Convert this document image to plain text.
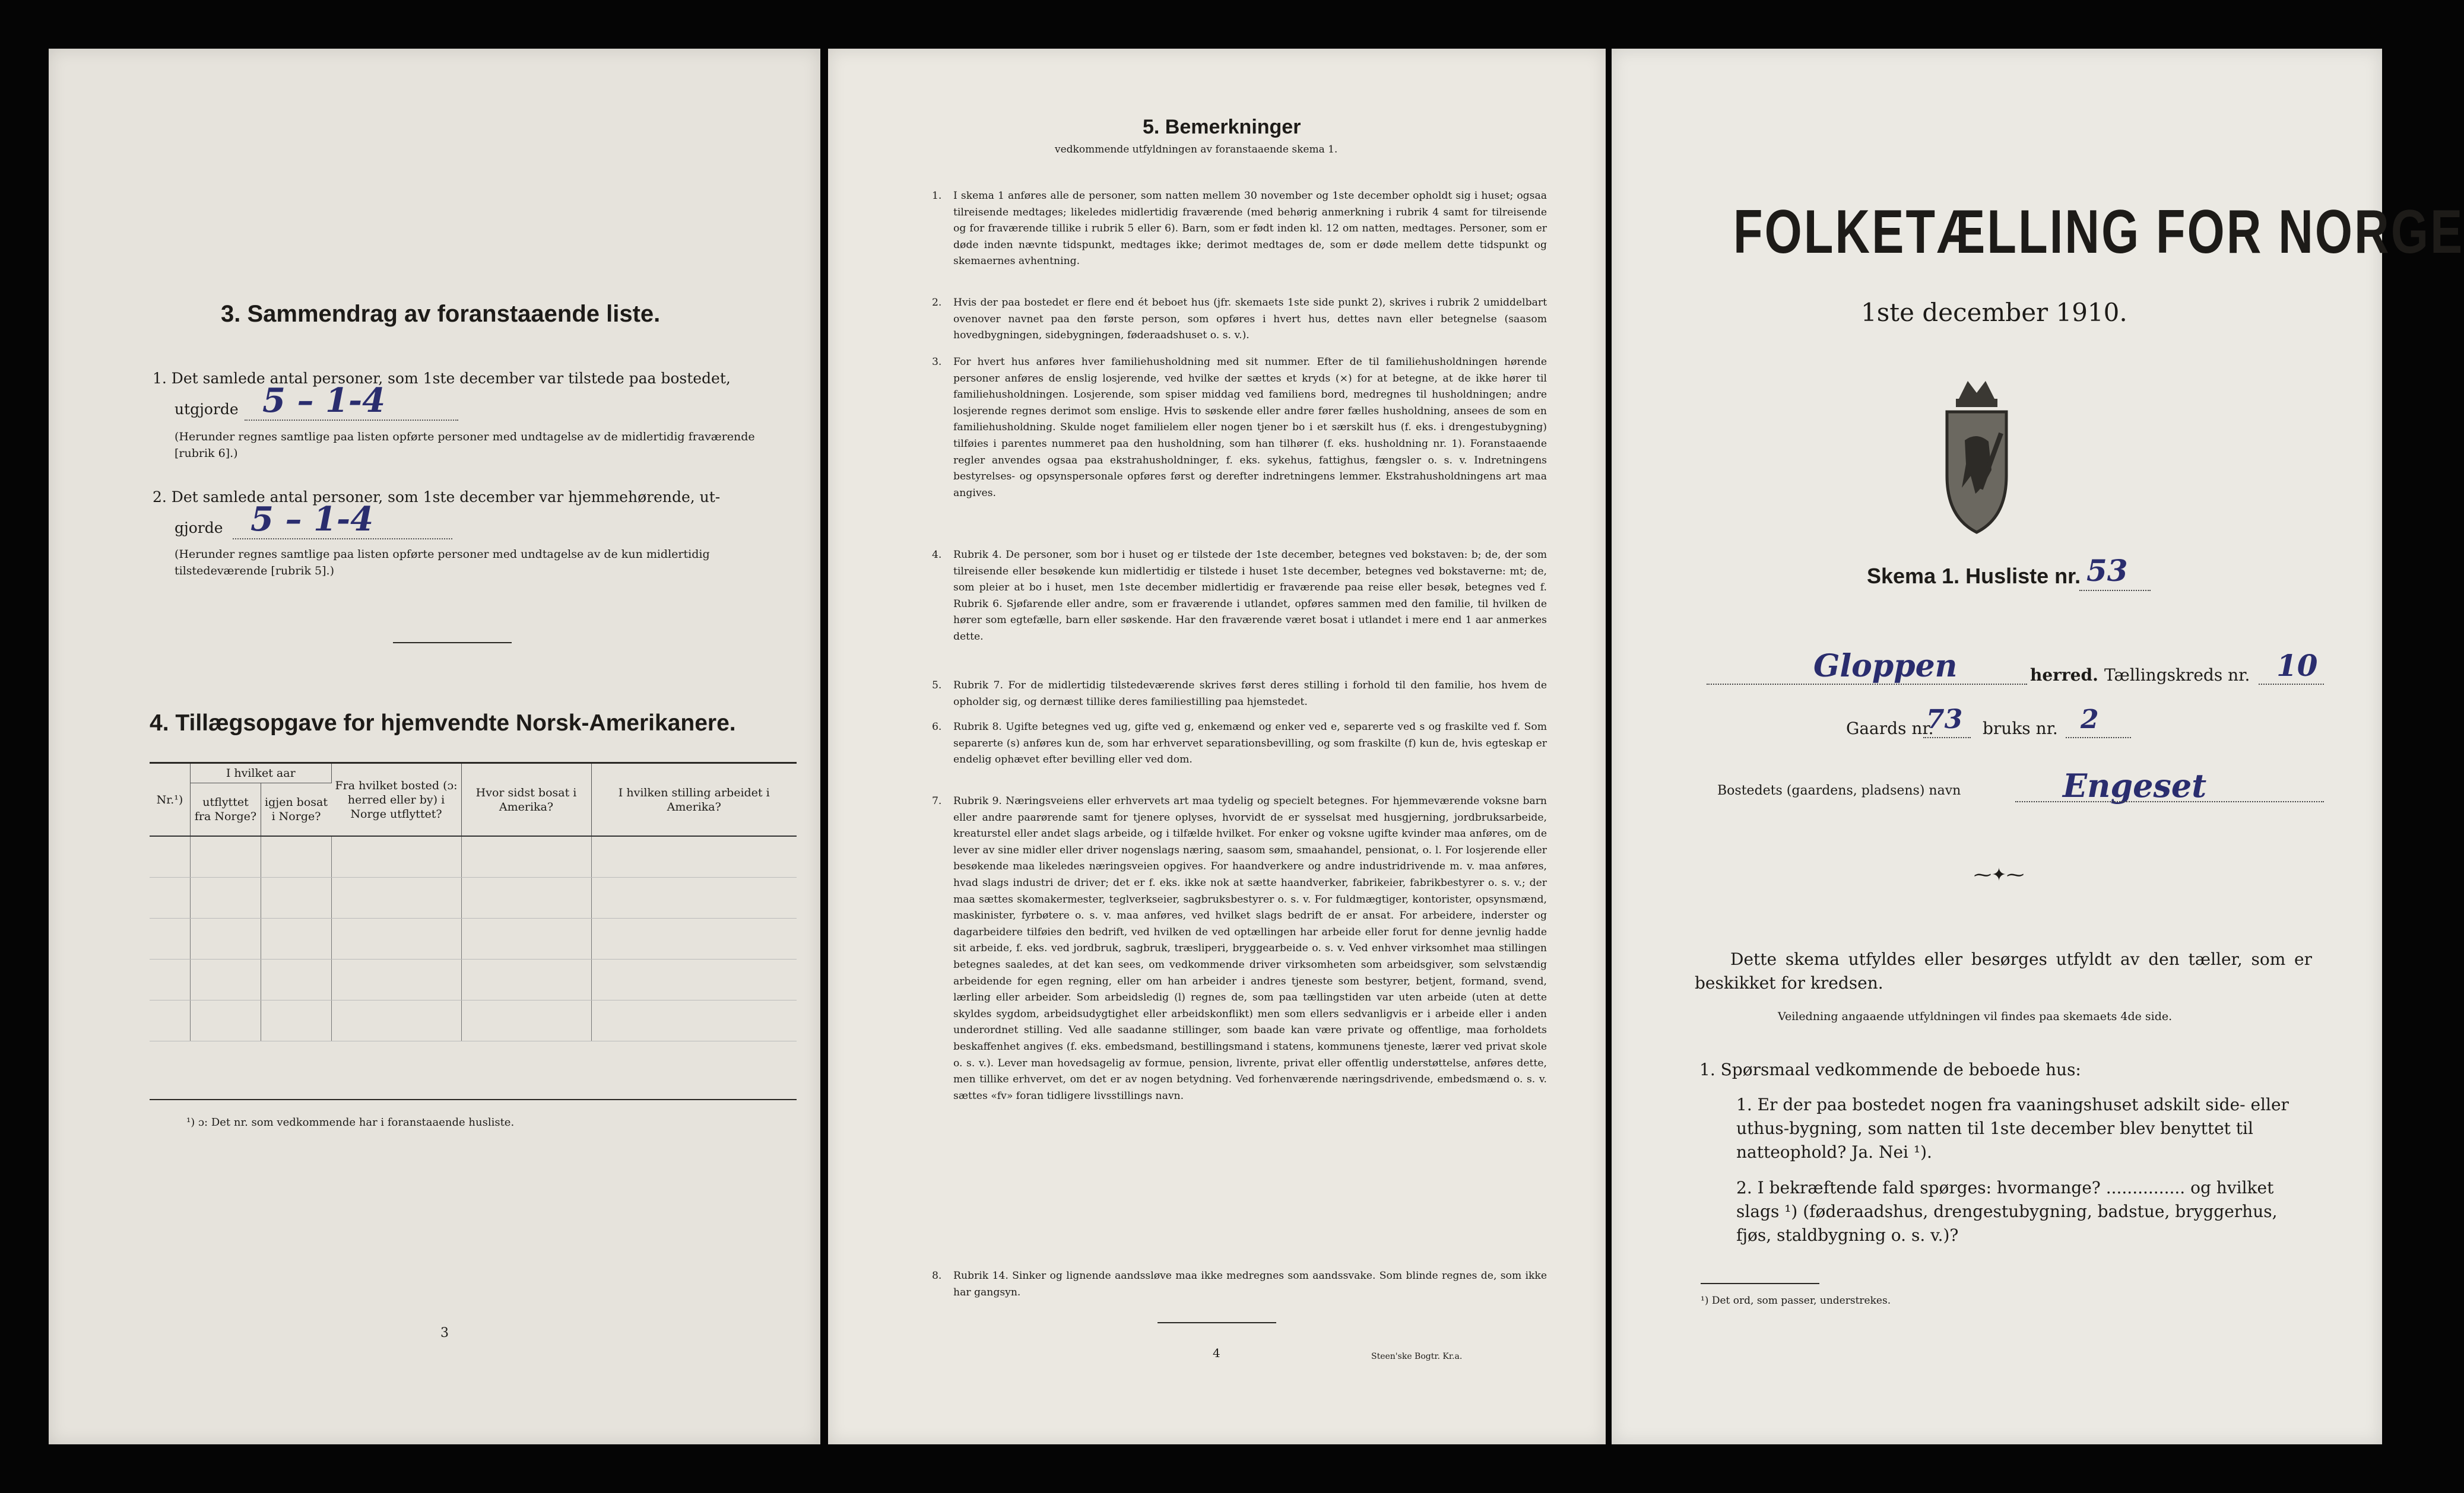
3. Sammendrag av foranstaaende liste.
1. Det samlede antal personer, som 1ste december var tilstede paa bostedet,
utgjorde 5 – 1-4
(Herunder regnes samtlige paa listen opførte personer med undtagelse av de midlertidig fraværende [rubrik 6].)
2. Det samlede antal personer, som 1ste december var hjemmehørende, ut-
gjorde 5 – 1-4
(Herunder regnes samtlige paa listen opførte personer med undtagelse av de kun midlertidig tilstedeværende [rubrik 5].)
4. Tillægsopgave for hjemvendte Norsk-Amerikanere.
Nr.¹)	I hvilket aar		Fra hvilket bosted (ɔ: herred eller by) i Norge utflyttet?	Hvor sidst bosat i Amerika?	I hvilken stilling arbeidet i Amerika?
	utflyttet fra Norge?	igjen bosat i Norge?			

¹) ɔ: Det nr. som vedkommende har i foranstaaende husliste.
3
5. Bemerkninger
vedkommende utfyldningen av foranstaaende skema 1.
1. I skema 1 anføres alle de personer, som natten mellem 30 november og 1ste december opholdt sig i huset; ogsaa tilreisende medtages; likeledes midlertidig fraværende (med behørig anmerkning i rubrik 4 samt for tilreisende og for fraværende tillike i rubrik 5 eller 6). Barn, som er født inden kl. 12 om natten, medtages. Personer, som er døde inden nævnte tidspunkt, medtages ikke; derimot medtages de, som er døde mellem dette tidspunkt og skemaernes avhentning.
2. Hvis der paa bostedet er flere end ét beboet hus (jfr. skemaets 1ste side punkt 2), skrives i rubrik 2 umiddelbart ovenover navnet paa den første person, som opføres i hvert hus, dettes navn eller betegnelse (saasom hovedbygningen, sidebygningen, føderaadshuset o. s. v.).
3. For hvert hus anføres hver familiehusholdning med sit nummer. Efter de til familiehusholdningen hørende personer anføres de enslig losjerende, ved hvilke der sættes et kryds (×) for at betegne, at de ikke hører til familiehusholdningen. Losjerende, som spiser middag ved familiens bord, medregnes til husholdningen; andre losjerende regnes derimot som enslige. Hvis to søskende eller andre fører fælles husholdning, ansees de som en familiehusholdning. Skulde noget familielem eller nogen tjener bo i et særskilt hus (f. eks. i drengestubygning) tilføies i parentes nummeret paa den husholdning, som han tilhører (f. eks. husholdning nr. 1). Foranstaaende regler anvendes ogsaa paa ekstrahusholdninger, f. eks. sykehus, fattighus, fængsler o. s. v. Indretningens bestyrelses- og opsynspersonale opføres først og derefter indretningens lemmer. Ekstrahusholdningens art maa angives.
4. Rubrik 4. De personer, som bor i huset og er tilstede der 1ste december, betegnes ved bokstaven: b; de, der som tilreisende eller besøkende kun midlertidig er tilstede i huset 1ste december, betegnes ved bokstaverne: mt; de, som pleier at bo i huset, men 1ste december midlertidig er fraværende paa reise eller besøk, betegnes ved f. Rubrik 6. Sjøfarende eller andre, som er fraværende i utlandet, opføres sammen med den familie, til hvilken de hører som egtefælle, barn eller søskende. Har den fraværende været bosat i utlandet i mere end 1 aar anmerkes dette.
5. Rubrik 7. For de midlertidig tilstedeværende skrives først deres stilling i forhold til den familie, hos hvem de opholder sig, og dernæst tillike deres familiestilling paa hjemstedet.
6. Rubrik 8. Ugifte betegnes ved ug, gifte ved g, enkemænd og enker ved e, separerte ved s og fraskilte ved f. Som separerte (s) anføres kun de, som har erhvervet separationsbevilling, og som fraskilte (f) kun de, hvis egteskap er endelig ophævet efter bevilling eller ved dom.
7. Rubrik 9. Næringsveiens eller erhvervets art maa tydelig og specielt betegnes. For hjemmeværende voksne barn eller andre paarørende samt for tjenere oplyses, hvorvidt de er sysselsat med husgjerning, jordbruksarbeide, kreaturstel eller andet slags arbeide, og i tilfælde hvilket. For enker og voksne ugifte kvinder maa anføres, om de lever av sine midler eller driver nogenslags næring, saasom søm, smaahandel, pensionat, o. l. For losjerende eller besøkende maa likeledes næringsveien opgives. For haandverkere og andre industridrivende m. v. maa anføres, hvad slags industri de driver; det er f. eks. ikke nok at sætte haandverker, fabrikeier, fabrikbestyrer o. s. v.; der maa sættes skomakermester, teglverkseier, sagbruksbestyrer o. s. v. For fuldmægtiger, kontorister, opsynsmænd, maskinister, fyrbøtere o. s. v. maa anføres, ved hvilket slags bedrift de er ansat. For arbeidere, inderster og dagarbeidere tilføies den bedrift, ved hvilken de ved optællingen har arbeide eller forut for denne jevnlig hadde sit arbeide, f. eks. ved jordbruk, sagbruk, træsliperi, bryggearbeide o. s. v. Ved enhver virksomhet maa stillingen betegnes saaledes, at det kan sees, om vedkommende driver virksomheten som arbeidsgiver, som selvstændig arbeidende for egen regning, eller om han arbeider i andres tjeneste som bestyrer, betjent, formand, svend, lærling eller arbeider. Som arbeidsledig (l) regnes de, som paa tællingstiden var uten arbeide (uten at dette skyldes sygdom, arbeidsudygtighet eller arbeidskonflikt) men som ellers sedvanligvis er i arbeide eller i anden underordnet stilling. Ved alle saadanne stillinger, som baade kan være private og offentlige, maa forholdets beskaffenhet angives (f. eks. embedsmand, bestillingsmand i statens, kommunens tjeneste, lærer ved privat skole o. s. v.). Lever man hovedsagelig av formue, pension, livrente, privat eller offentlig understøttelse, anføres dette, men tillike erhvervet, om det er av nogen betydning. Ved forhenværende næringsdrivende, embedsmænd o. s. v. sættes «fv» foran tidligere livsstillings navn.
8. Rubrik 14. Sinker og lignende aandssløve maa ikke medregnes som aandssvake. Som blinde regnes de, som ikke har gangsyn.
4	Steen'ske Bogtr. Kr.a.
FOLKETÆLLING FOR NORGE
1ste december 1910.
Skema 1. Husliste nr. 53
Gloppen	herred. Tællingskreds nr. 10
Gaards nr.
73 bruks nr. 2
Bostedets (gaardens, pladsens) navn	Engeset
⁓✦⁓
Dette skema utfyldes eller besørges utfyldt av den tæller, som er beskikket for kredsen.
Veiledning angaaende utfyldningen vil findes paa skemaets 4de side.
1. Spørsmaal vedkommende de beboede hus:
1. Er der paa bostedet nogen fra vaaningshuset adskilt side- eller uthus-bygning, som natten til 1ste december blev benyttet til natteophold? Ja. Nei ¹).
2. I bekræftende fald spørges: hvormange? ............... og hvilket slags ¹) (føderaadshus, drengestubygning, badstue, bryggerhus, fjøs, staldbygning o. s. v.)?
¹) Det ord, som passer, understrekes.
